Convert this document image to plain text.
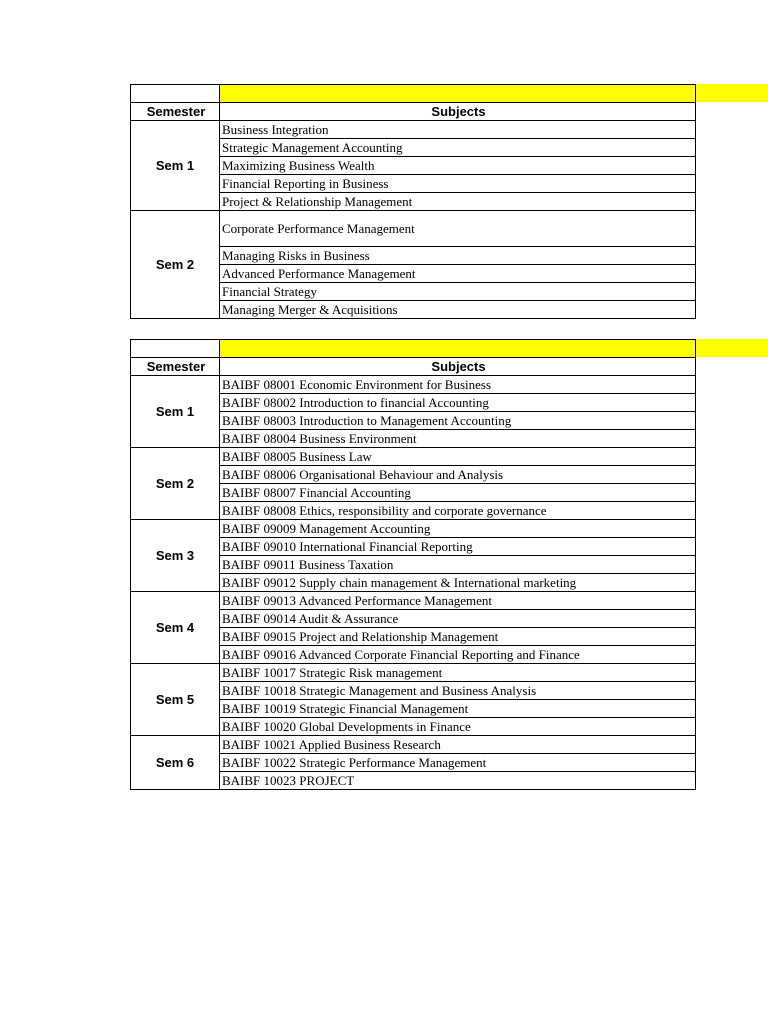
Semester	Subjects
Sem 1	Business Integration
	Strategic Management Accounting
	Maximizing Business Wealth
	Financial Reporting in Business
	Project & Relationship Management
Sem 2	Corporate Performance Management
	Managing Risks in Business
	Advanced Performance Management
	Financial Strategy
	Managing Merger & Acquisitions

Semester	Subjects
Sem 1	BAIBF 08001 Economic Environment for Business
	BAIBF 08002 Introduction to financial Accounting
	BAIBF 08003 Introduction to Management Accounting
	BAIBF 08004 Business Environment
Sem 2	BAIBF 08005 Business Law
	BAIBF 08006 Organisational Behaviour and Analysis
	BAIBF 08007 Financial Accounting
	BAIBF 08008 Ethics, responsibility and corporate governance
Sem 3	BAIBF 09009 Management Accounting
	BAIBF 09010 International Financial Reporting
	BAIBF 09011 Business Taxation
	BAIBF 09012 Supply chain management & International marketing
Sem 4	BAIBF 09013 Advanced Performance Management
	BAIBF 09014 Audit & Assurance
	BAIBF 09015 Project and Relationship Management
	BAIBF 09016 Advanced Corporate Financial Reporting and Finance
Sem 5	BAIBF 10017 Strategic Risk management
	BAIBF 10018 Strategic Management and Business Analysis
	BAIBF 10019 Strategic Financial Management
	BAIBF 10020 Global Developments in Finance
Sem 6	BAIBF 10021 Applied Business Research
	BAIBF 10022 Strategic Performance Management
	BAIBF 10023 PROJECT
